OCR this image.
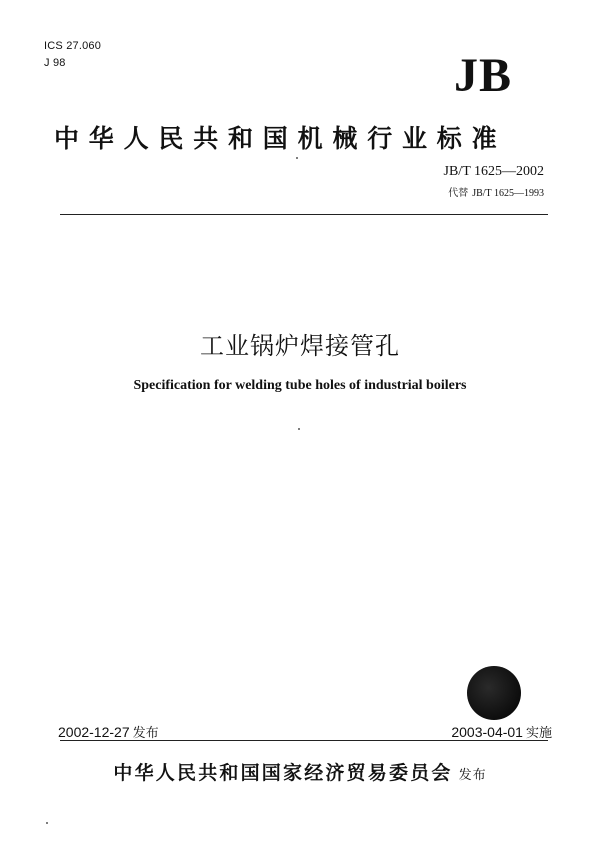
ICS 27.060
J 98	JB
中华人民共和国机械行业标准
JB/T 1625—2002
代替 JB/T 1625—1993
工业锅炉焊接管孔
Specification for welding tube holes of industrial boilers
2002-12-27 发布	2003-04-01 实施
中华人民共和国国家经济贸易委员会 发布
